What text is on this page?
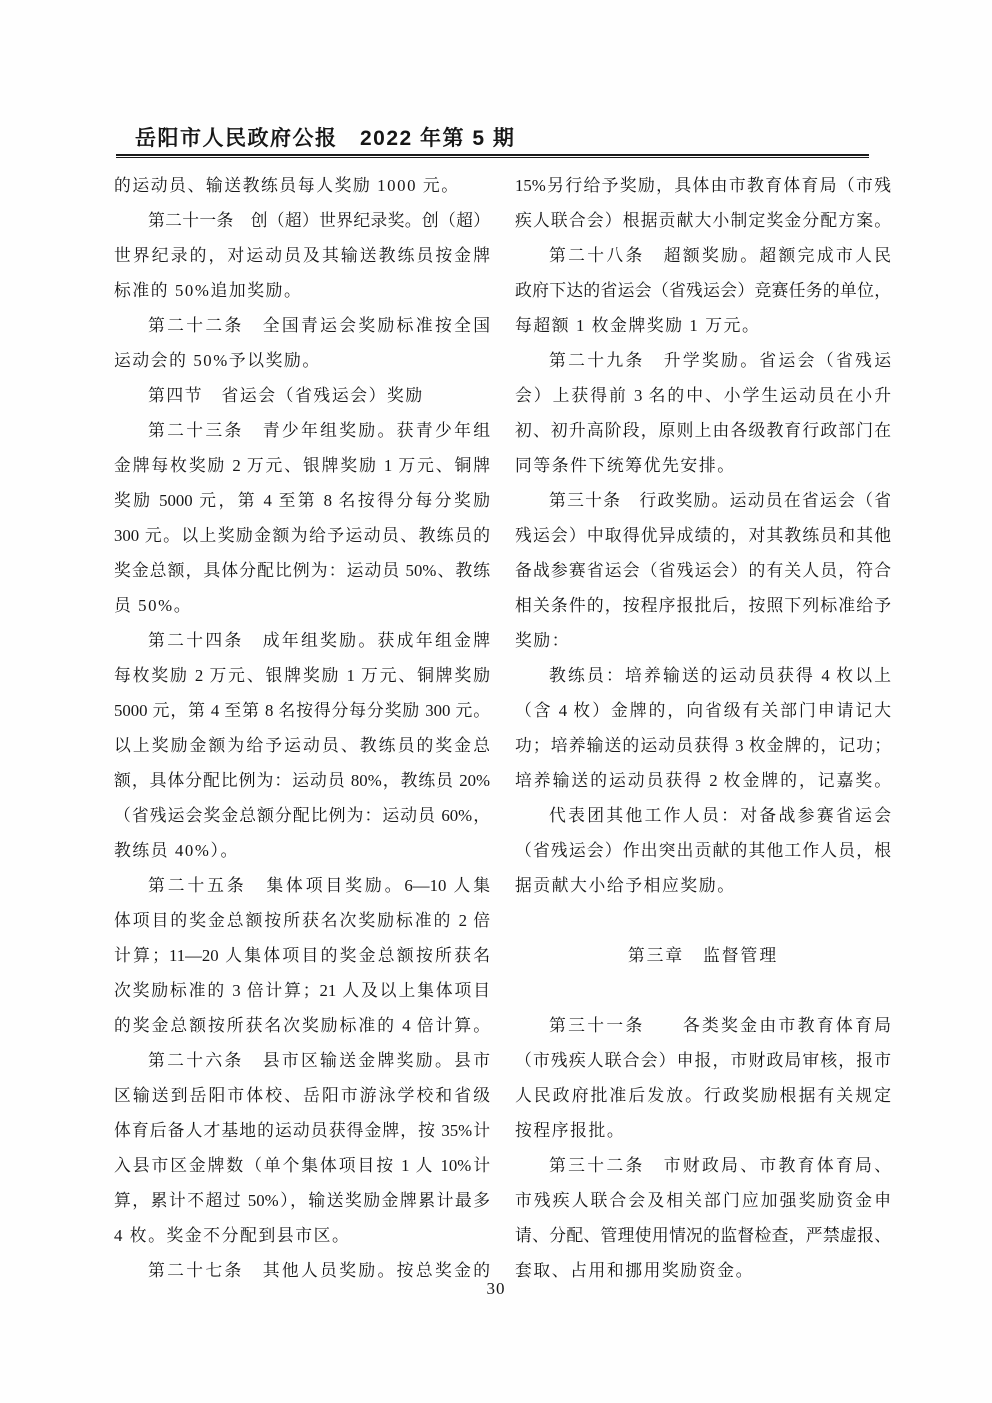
岳阳市人民政府公报　2022 年第 5 期
的运动员、输送教练员每人奖励 1000 元。
第二十一条　创（超）世界纪录奖。创（超）
世界纪录的，对运动员及其输送教练员按金牌
标准的 50%追加奖励。
第二十二条　全国青运会奖励标准按全国
运动会的 50%予以奖励。
第四节　省运会（省残运会）奖励
第二十三条　青少年组奖励。获青少年组
金牌每枚奖励 2 万元、银牌奖励 1 万元、铜牌
奖励 5000 元，第 4 至第 8 名按得分每分奖励
300 元。以上奖励金额为给予运动员、教练员的
奖金总额，具体分配比例为：运动员 50%、教练
员 50%。
第二十四条　成年组奖励。获成年组金牌
每枚奖励 2 万元、银牌奖励 1 万元、铜牌奖励
5000 元，第 4 至第 8 名按得分每分奖励 300 元。
以上奖励金额为给予运动员、教练员的奖金总
额，具体分配比例为：运动员 80%，教练员 20%
（省残运会奖金总额分配比例为：运动员 60%，
教练员 40%）。
第二十五条　集体项目奖励。6—10 人集
体项目的奖金总额按所获名次奖励标准的 2 倍
计算；11—20 人集体项目的奖金总额按所获名
次奖励标准的 3 倍计算；21 人及以上集体项目
的奖金总额按所获名次奖励标准的 4 倍计算。
第二十六条　县市区输送金牌奖励。县市
区输送到岳阳市体校、岳阳市游泳学校和省级
体育后备人才基地的运动员获得金牌，按 35%计
入县市区金牌数（单个集体项目按 1 人 10%计
算，累计不超过 50%），输送奖励金牌累计最多
4 枚。奖金不分配到县市区。
第二十七条　其他人员奖励。按总奖金的
15%另行给予奖励，具体由市教育体育局（市残
疾人联合会）根据贡献大小制定奖金分配方案。
第二十八条　超额奖励。超额完成市人民
政府下达的省运会（省残运会）竞赛任务的单位，
每超额 1 枚金牌奖励 1 万元。
第二十九条　升学奖励。省运会（省残运
会）上获得前 3 名的中、小学生运动员在小升
初、初升高阶段，原则上由各级教育行政部门在
同等条件下统筹优先安排。
第三十条　行政奖励。运动员在省运会（省
残运会）中取得优异成绩的，对其教练员和其他
备战参赛省运会（省残运会）的有关人员，符合
相关条件的，按程序报批后，按照下列标准给予
奖励：
教练员：培养输送的运动员获得 4 枚以上
（含 4 枚）金牌的，向省级有关部门申请记大
功；培养输送的运动员获得 3 枚金牌的，记功；
培养输送的运动员获得 2 枚金牌的，记嘉奖。
代表团其他工作人员：对备战参赛省运会
（省残运会）作出突出贡献的其他工作人员，根
据贡献大小给予相应奖励。
第三章　监督管理
第三十一条　　各类奖金由市教育体育局
（市残疾人联合会）申报，市财政局审核，报市
人民政府批准后发放。行政奖励根据有关规定
按程序报批。
第三十二条　市财政局、市教育体育局、
市残疾人联合会及相关部门应加强奖励资金申
请、分配、管理使用情况的监督检查，严禁虚报、
套取、占用和挪用奖励资金。
30
